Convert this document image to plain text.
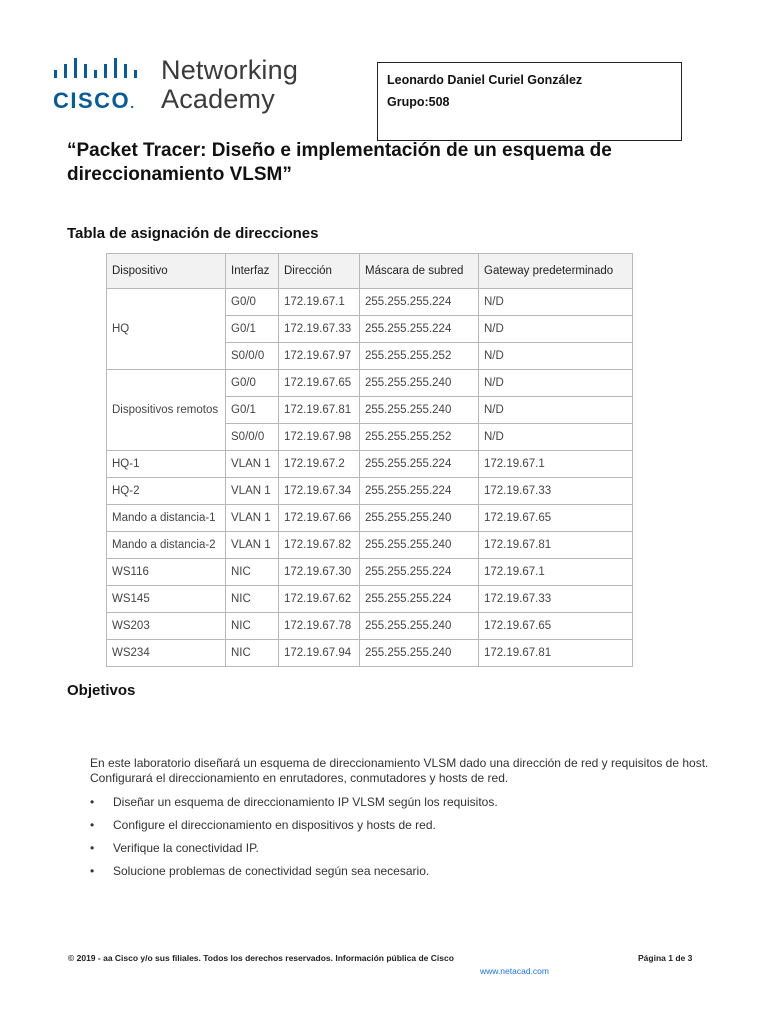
CISCO.
Networking
Academy
Leonardo Daniel Curiel González
Grupo:508
“Packet Tracer: Diseño e implementación de un esquema de direccionamiento VLSM”
Tabla de asignación de direcciones
Dispositivo	Interfaz	Dirección	Máscara de subred	Gateway predeterminado
HQ	G0/0	172.19.67.1	255.255.255.224	N/D
	G0/1	172.19.67.33	255.255.255.224	N/D
	S0/0/0	172.19.67.97	255.255.255.252	N/D
Dispositivos remotos	G0/0	172.19.67.65	255.255.255.240	N/D
	G0/1	172.19.67.81	255.255.255.240	N/D
	S0/0/0	172.19.67.98	255.255.255.252	N/D
HQ-1	VLAN 1	172.19.67.2	255.255.255.224	172.19.67.1
HQ-2	VLAN 1	172.19.67.34	255.255.255.224	172.19.67.33
Mando a distancia-1	VLAN 1	172.19.67.66	255.255.255.240	172.19.67.65
Mando a distancia-2	VLAN 1	172.19.67.82	255.255.255.240	172.19.67.81
WS116	NIC	172.19.67.30	255.255.255.224	172.19.67.1
WS145	NIC	172.19.67.62	255.255.255.224	172.19.67.33
WS203	NIC	172.19.67.78	255.255.255.240	172.19.67.65
WS234	NIC	172.19.67.94	255.255.255.240	172.19.67.81
Objetivos
En este laboratorio diseñará un esquema de direccionamiento VLSM dado una dirección de red y requisitos de host. Configurará el direccionamiento en enrutadores, conmutadores y hosts de red.
• Diseñar un esquema de direccionamiento IP VLSM según los requisitos.
• Configure el direccionamiento en dispositivos y hosts de red.
• Verifique la conectividad IP.
• Solucione problemas de conectividad según sea necesario.
© 2019 - aa Cisco y/o sus filiales. Todos los derechos reservados. Información pública de Cisco	Página 1 de 3
www.netacad.com
